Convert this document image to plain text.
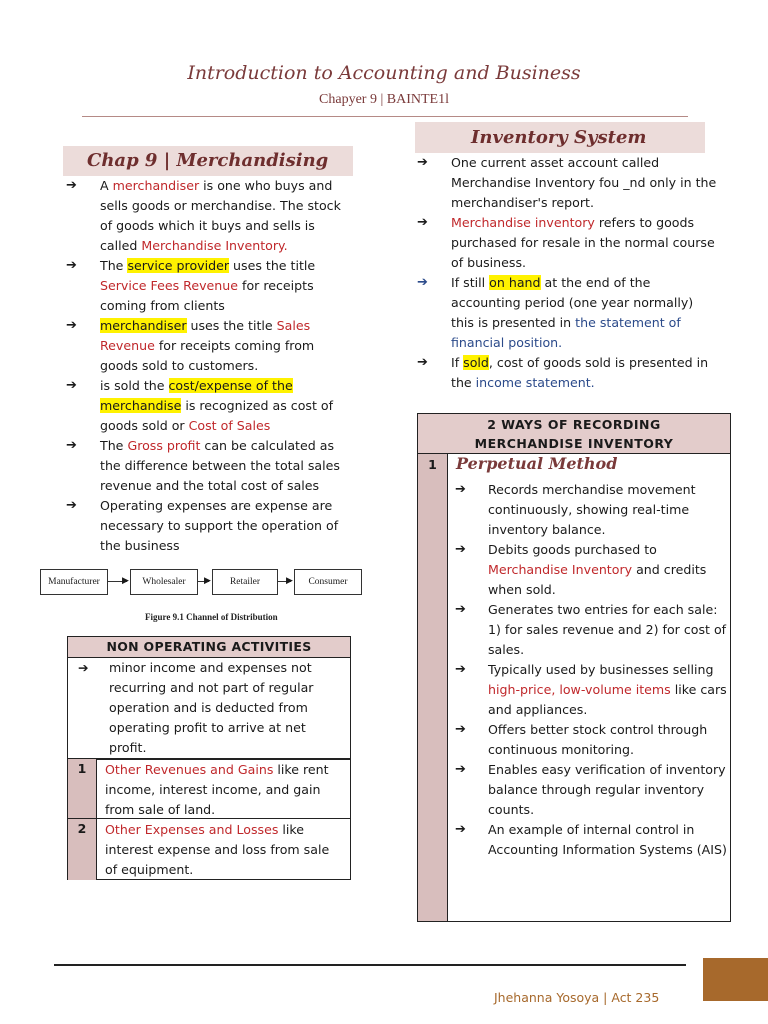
Introduction to Accounting and Business
Chapyer 9 | BAINTE1l
Chap 9 | Merchandising
➔ A merchandiser is one who buys and sells goods or merchandise. The stock of goods which it buys and sells is called Merchandise Inventory.
➔ The service provider uses the title Service Fees Revenue for receipts coming from clients
➔ merchandiser uses the title Sales Revenue for receipts coming from goods sold to customers.
➔ is sold the cost/expense of the merchandise is recognized as cost of goods sold or Cost of Sales
➔ The Gross profit can be calculated as the difference between the total sales revenue and the total cost of sales
➔ Operating expenses are expense are necessary to support the operation of the business
Manufacturer	▶	Wholesaler	▶	Retailer	▶	Consumer
Figure 9.1 Channel of Distribution
NON OPERATING ACTIVITIES
➔ minor income and expenses not recurring and not part of regular operation and is deducted from operating profit to arrive at net profit.
1	Other Revenues and Gains like rent income, interest income, and gain from sale of land.
2	Other Expenses and Losses like interest expense and loss from sale of equipment.
Inventory System
➔ One current asset account called Merchandise Inventory fou _nd only in the merchandiser's report.
➔ Merchandise inventory refers to goods purchased for resale in the normal course of business.
➔ If still on hand at the end of the accounting period (one year normally) this is presented in the statement of financial position.
➔ If sold, cost of goods sold is presented in the income statement.
2 WAYS OF RECORDING
MERCHANDISE INVENTORY
1	Perpetual Method
➔ Records merchandise movement continuously, showing real-time inventory balance.
➔ Debits goods purchased to Merchandise Inventory and credits when sold.
➔ Generates two entries for each sale: 1) for sales revenue and 2) for cost of sales.
➔ Typically used by businesses selling high-price, low-volume items like cars and appliances.
➔ Offers better stock control through continuous monitoring.
➔ Enables easy verification of inventory balance through regular inventory counts.
➔ An example of internal control in Accounting Information Systems (AIS)
Jhehanna Yosoya | Act 235
